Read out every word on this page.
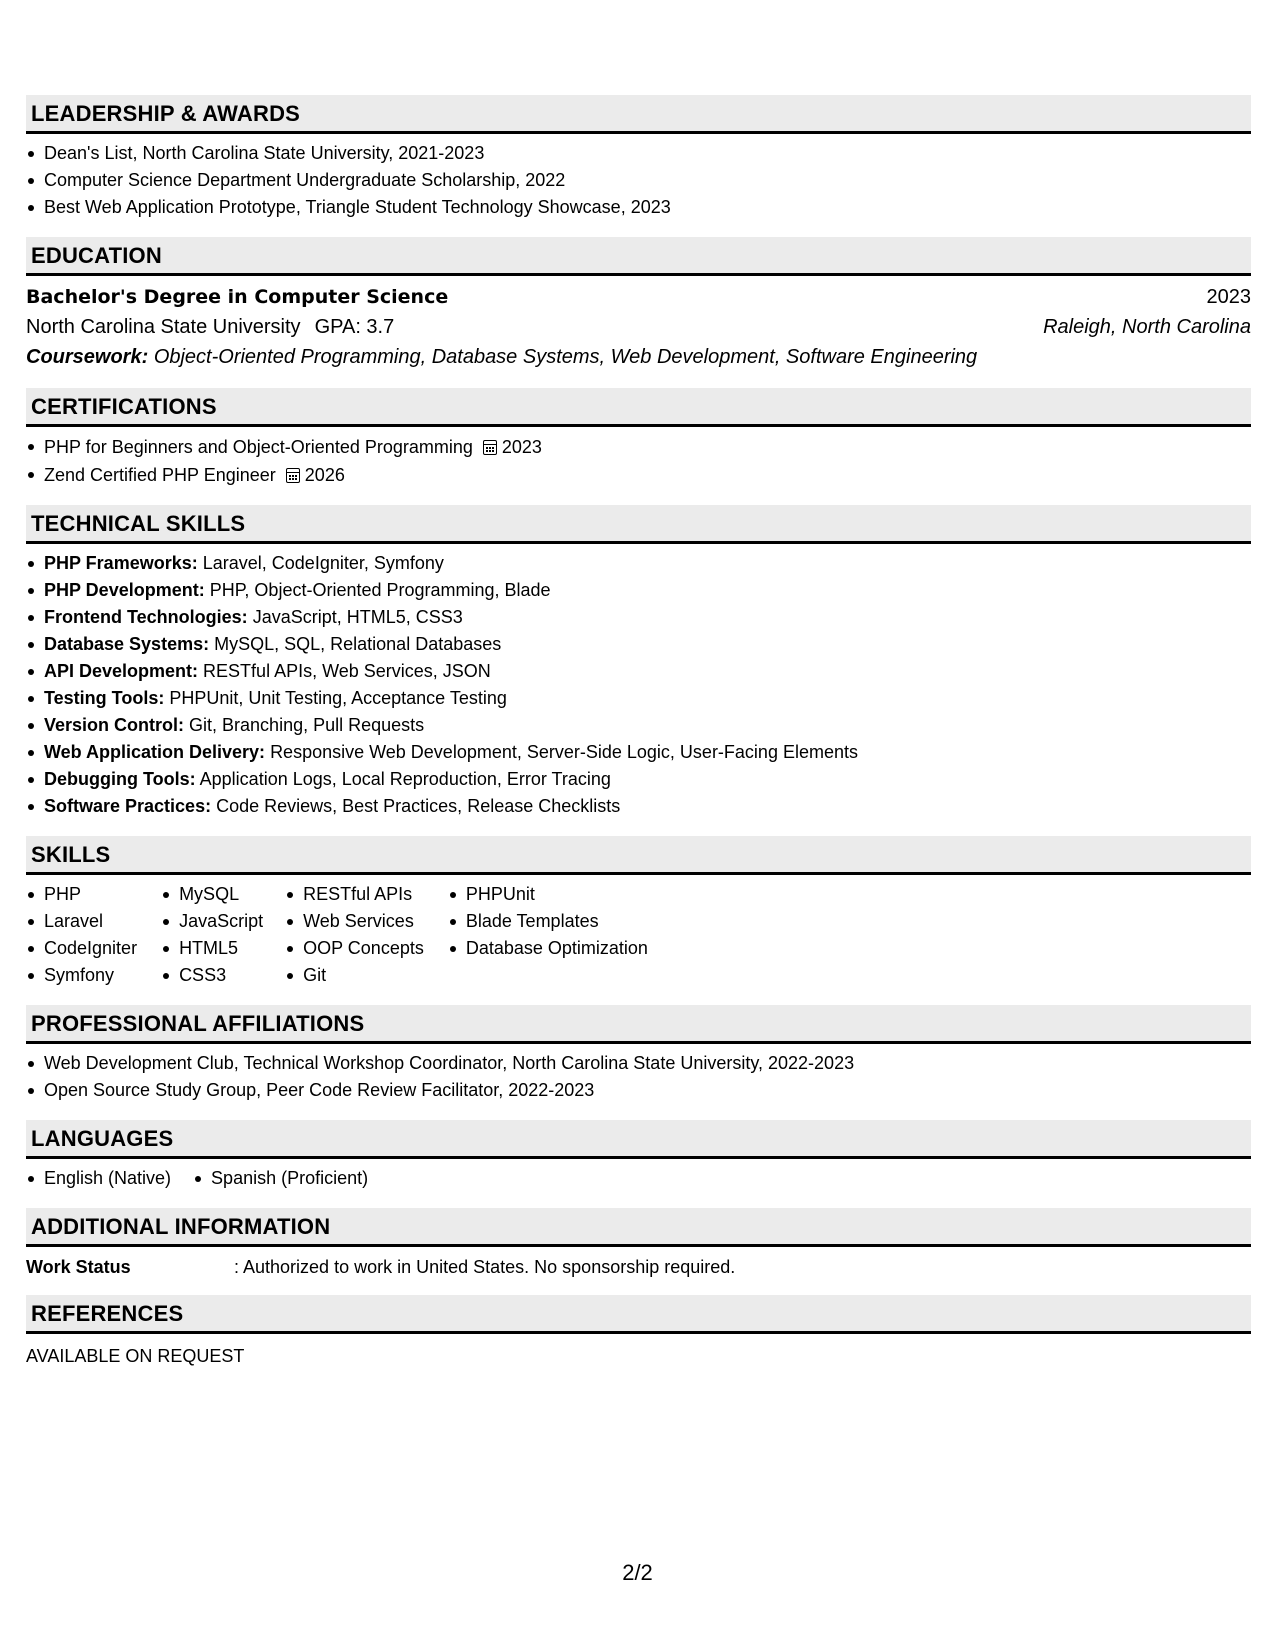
LEADERSHIP & AWARDS
Dean's List, North Carolina State University, 2021-2023
Computer Science Department Undergraduate Scholarship, 2022
Best Web Application Prototype, Triangle Student Technology Showcase, 2023
EDUCATION
Bachelor's Degree in Computer Science	2023
North Carolina State University GPA: 3.7	Raleigh, North Carolina
Coursework: Object-Oriented Programming, Database Systems, Web Development, Software Engineering
CERTIFICATIONS
PHP for Beginners and Object-Oriented Programming 2023
Zend Certified PHP Engineer 2026
TECHNICAL SKILLS
PHP Frameworks: Laravel, CodeIgniter, Symfony
PHP Development: PHP, Object-Oriented Programming, Blade
Frontend Technologies: JavaScript, HTML5, CSS3
Database Systems: MySQL, SQL, Relational Databases
API Development: RESTful APIs, Web Services, JSON
Testing Tools: PHPUnit, Unit Testing, Acceptance Testing
Version Control: Git, Branching, Pull Requests
Web Application Delivery: Responsive Web Development, Server-Side Logic, User-Facing Elements
Debugging Tools: Application Logs, Local Reproduction, Error Tracing
Software Practices: Code Reviews, Best Practices, Release Checklists
SKILLS
PHP
Laravel
CodeIgniter
Symfony
MySQL
JavaScript
HTML5
CSS3
RESTful APIs
Web Services
OOP Concepts
Git
PHPUnit
Blade Templates
Database Optimization
PROFESSIONAL AFFILIATIONS
Web Development Club, Technical Workshop Coordinator, North Carolina State University, 2022-2023
Open Source Study Group, Peer Code Review Facilitator, 2022-2023
LANGUAGES
English (Native)	Spanish (Proficient)
ADDITIONAL INFORMATION
Work Status	: Authorized to work in United States. No sponsorship required.
REFERENCES
AVAILABLE ON REQUEST
2/2
